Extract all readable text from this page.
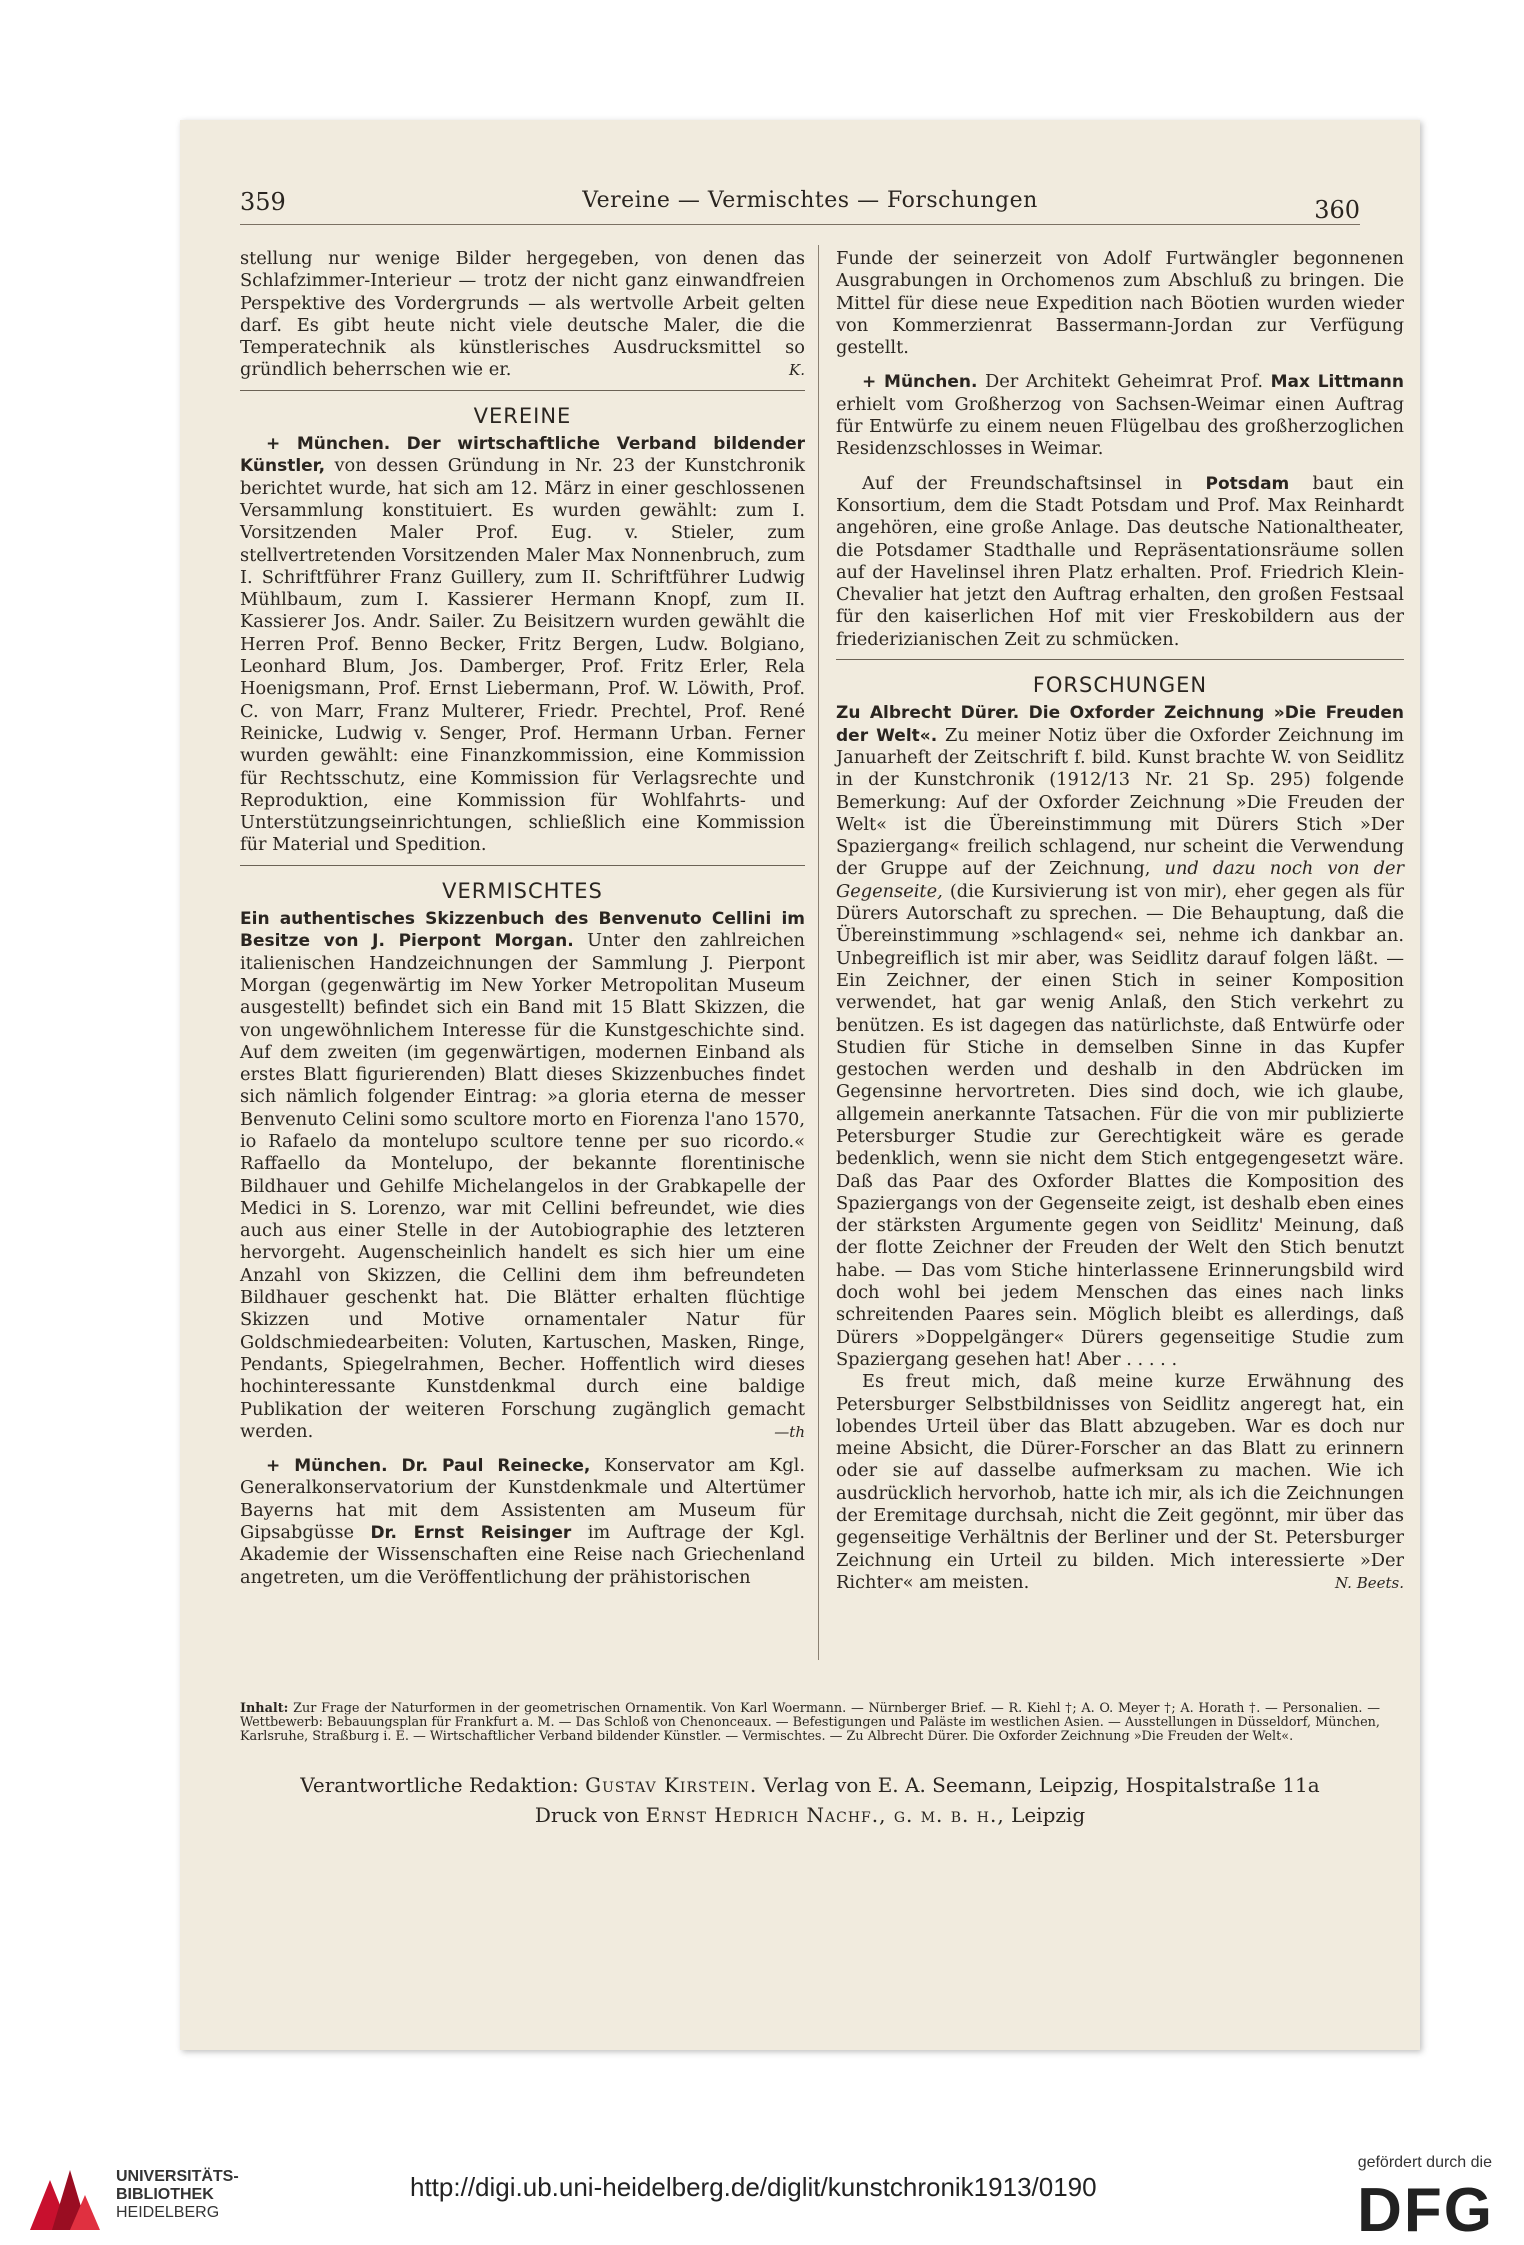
359	Vereine — Vermischtes — Forschungen	360

stellung nur wenige Bilder hergegeben, von denen das Schlafzimmer-Interieur — trotz der nicht ganz einwandfreien Perspektive des Vordergrunds — als wertvolle Arbeit gelten darf. Es gibt heute nicht viele deutsche Maler, die die Temperatechnik als künstlerisches Ausdrucksmittel so gründlich beherrschen wie er.	K.

VEREINE

+ München. Der wirtschaftliche Verband bildender Künstler, von dessen Gründung in Nr. 23 der Kunstchronik berichtet wurde, hat sich am 12. März in einer geschlossenen Versammlung konstituiert. Es wurden gewählt: zum I. Vorsitzenden Maler Prof. Eug. v. Stieler, zum stellvertretenden Vorsitzenden Maler Max Nonnenbruch, zum I. Schriftführer Franz Guillery, zum II. Schriftführer Ludwig Mühlbaum, zum I. Kassierer Hermann Knopf, zum II. Kassierer Jos. Andr. Sailer. Zu Beisitzern wurden gewählt die Herren Prof. Benno Becker, Fritz Bergen, Ludw. Bolgiano, Leonhard Blum, Jos. Damberger, Prof. Fritz Erler, Rela Hoenigsmann, Prof. Ernst Liebermann, Prof. W. Löwith, Prof. C. von Marr, Franz Multerer, Friedr. Prechtel, Prof. René Reinicke, Ludwig v. Senger, Prof. Hermann Urban. Ferner wurden gewählt: eine Finanzkommission, eine Kommission für Rechtsschutz, eine Kommission für Verlagsrechte und Reproduktion, eine Kommission für Wohlfahrts- und Unterstützungseinrichtungen, schließlich eine Kommission für Material und Spedition.

VERMISCHTES

Ein authentisches Skizzenbuch des Benvenuto Cellini im Besitze von J. Pierpont Morgan. Unter den zahlreichen italienischen Handzeichnungen der Sammlung J. Pierpont Morgan (gegenwärtig im New Yorker Metropolitan Museum ausgestellt) befindet sich ein Band mit 15 Blatt Skizzen, die von ungewöhnlichem Interesse für die Kunstgeschichte sind. Auf dem zweiten (im gegenwärtigen, modernen Einband als erstes Blatt figurierenden) Blatt dieses Skizzenbuches findet sich nämlich folgender Eintrag: »a gloria eterna de messer Benvenuto Celini somo scultore morto en Fiorenza l'ano 1570, io Rafaelo da montelupo scultore tenne per suo ricordo.« Raffaello da Montelupo, der bekannte florentinische Bildhauer und Gehilfe Michelangelos in der Grabkapelle der Medici in S. Lorenzo, war mit Cellini befreundet, wie dies auch aus einer Stelle in der Autobiographie des letzteren hervorgeht. Augenscheinlich handelt es sich hier um eine Anzahl von Skizzen, die Cellini dem ihm befreundeten Bildhauer geschenkt hat. Die Blätter erhalten flüchtige Skizzen und Motive ornamentaler Natur für Goldschmiedearbeiten: Voluten, Kartuschen, Masken, Ringe, Pendants, Spiegelrahmen, Becher. Hoffentlich wird dieses hochinteressante Kunstdenkmal durch eine baldige Publikation der weiteren Forschung zugänglich gemacht werden.	—th

+ München. Dr. Paul Reinecke, Konservator am Kgl. Generalkonservatorium der Kunstdenkmale und Altertümer Bayerns hat mit dem Assistenten am Museum für Gipsabgüsse Dr. Ernst Reisinger im Auftrage der Kgl. Akademie der Wissenschaften eine Reise nach Griechenland angetreten, um die Veröffentlichung der prähistorischen

Funde der seinerzeit von Adolf Furtwängler begonnenen Ausgrabungen in Orchomenos zum Abschluß zu bringen. Die Mittel für diese neue Expedition nach Böotien wurden wieder von Kommerzienrat Bassermann-Jordan zur Verfügung gestellt.

+ München. Der Architekt Geheimrat Prof. Max Littmann erhielt vom Großherzog von Sachsen-Weimar einen Auftrag für Entwürfe zu einem neuen Flügelbau des großherzoglichen Residenzschlosses in Weimar.

Auf der Freundschaftsinsel in Potsdam baut ein Konsortium, dem die Stadt Potsdam und Prof. Max Reinhardt angehören, eine große Anlage. Das deutsche Nationaltheater, die Potsdamer Stadthalle und Repräsentationsräume sollen auf der Havelinsel ihren Platz erhalten. Prof. Friedrich Klein-Chevalier hat jetzt den Auftrag erhalten, den großen Festsaal für den kaiserlichen Hof mit vier Freskobildern aus der friederizianischen Zeit zu schmücken.

FORSCHUNGEN

Zu Albrecht Dürer. Die Oxforder Zeichnung »Die Freuden der Welt«. Zu meiner Notiz über die Oxforder Zeichnung im Januarheft der Zeitschrift f. bild. Kunst brachte W. von Seidlitz in der Kunstchronik (1912/13 Nr. 21 Sp. 295) folgende Bemerkung: Auf der Oxforder Zeichnung »Die Freuden der Welt« ist die Übereinstimmung mit Dürers Stich »Der Spaziergang« freilich schlagend, nur scheint die Verwendung der Gruppe auf der Zeichnung, und dazu noch von der Gegenseite, (die Kursivierung ist von mir), eher gegen als für Dürers Autorschaft zu sprechen. — Die Behauptung, daß die Übereinstimmung »schlagend« sei, nehme ich dankbar an. Unbegreiflich ist mir aber, was Seidlitz darauf folgen läßt. — Ein Zeichner, der einen Stich in seiner Komposition verwendet, hat gar wenig Anlaß, den Stich verkehrt zu benützen. Es ist dagegen das natürlichste, daß Entwürfe oder Studien für Stiche in demselben Sinne in das Kupfer gestochen werden und deshalb in den Abdrücken im Gegensinne hervortreten. Dies sind doch, wie ich glaube, allgemein anerkannte Tatsachen. Für die von mir publizierte Petersburger Studie zur Gerechtigkeit wäre es gerade bedenklich, wenn sie nicht dem Stich entgegengesetzt wäre. Daß das Paar des Oxforder Blattes die Komposition des Spaziergangs von der Gegenseite zeigt, ist deshalb eben eines der stärksten Argumente gegen von Seidlitz' Meinung, daß der flotte Zeichner der Freuden der Welt den Stich benutzt habe. — Das vom Stiche hinterlassene Erinnerungsbild wird doch wohl bei jedem Menschen das eines nach links schreitenden Paares sein. Möglich bleibt es allerdings, daß Dürers »Doppelgänger« Dürers gegenseitige Studie zum Spaziergang gesehen hat! Aber . . . . .

Es freut mich, daß meine kurze Erwähnung des Petersburger Selbstbildnisses von Seidlitz angeregt hat, ein lobendes Urteil über das Blatt abzugeben. War es doch nur meine Absicht, die Dürer-Forscher an das Blatt zu erinnern oder sie auf dasselbe aufmerksam zu machen. Wie ich ausdrücklich hervorhob, hatte ich mir, als ich die Zeichnungen der Eremitage durchsah, nicht die Zeit gegönnt, mir über das gegenseitige Verhältnis der Berliner und der St. Petersburger Zeichnung ein Urteil zu bilden. Mich interessierte »Der Richter« am meisten.	N. Beets.

Inhalt: Zur Frage der Naturformen in der geometrischen Ornamentik. Von Karl Woermann. — Nürnberger Brief. — R. Kiehl †; A. O. Meyer †; A. Horath †. — Personalien. — Wettbewerb: Bebauungsplan für Frankfurt a. M. — Das Schloß von Chenonceaux. — Befestigungen und Paläste im westlichen Asien. — Ausstellungen in Düsseldorf, München, Karlsruhe, Straßburg i. E. — Wirtschaftlicher Verband bildender Künstler. — Vermischtes. — Zu Albrecht Dürer. Die Oxforder Zeichnung »Die Freuden der Welt«.
Verantwortliche Redaktion: Gustav Kirstein. Verlag von E. A. Seemann, Leipzig, Hospitalstraße 11a
Druck von Ernst Hedrich Nachf., g. m. b. h., Leipzig
UNIVERSITÄTS-
BIBLIOTHEK
HEIDELBERG
http://digi.ub.uni-heidelberg.de/diglit/kunstchronik1913/0190
gefördert durch die
DFG
